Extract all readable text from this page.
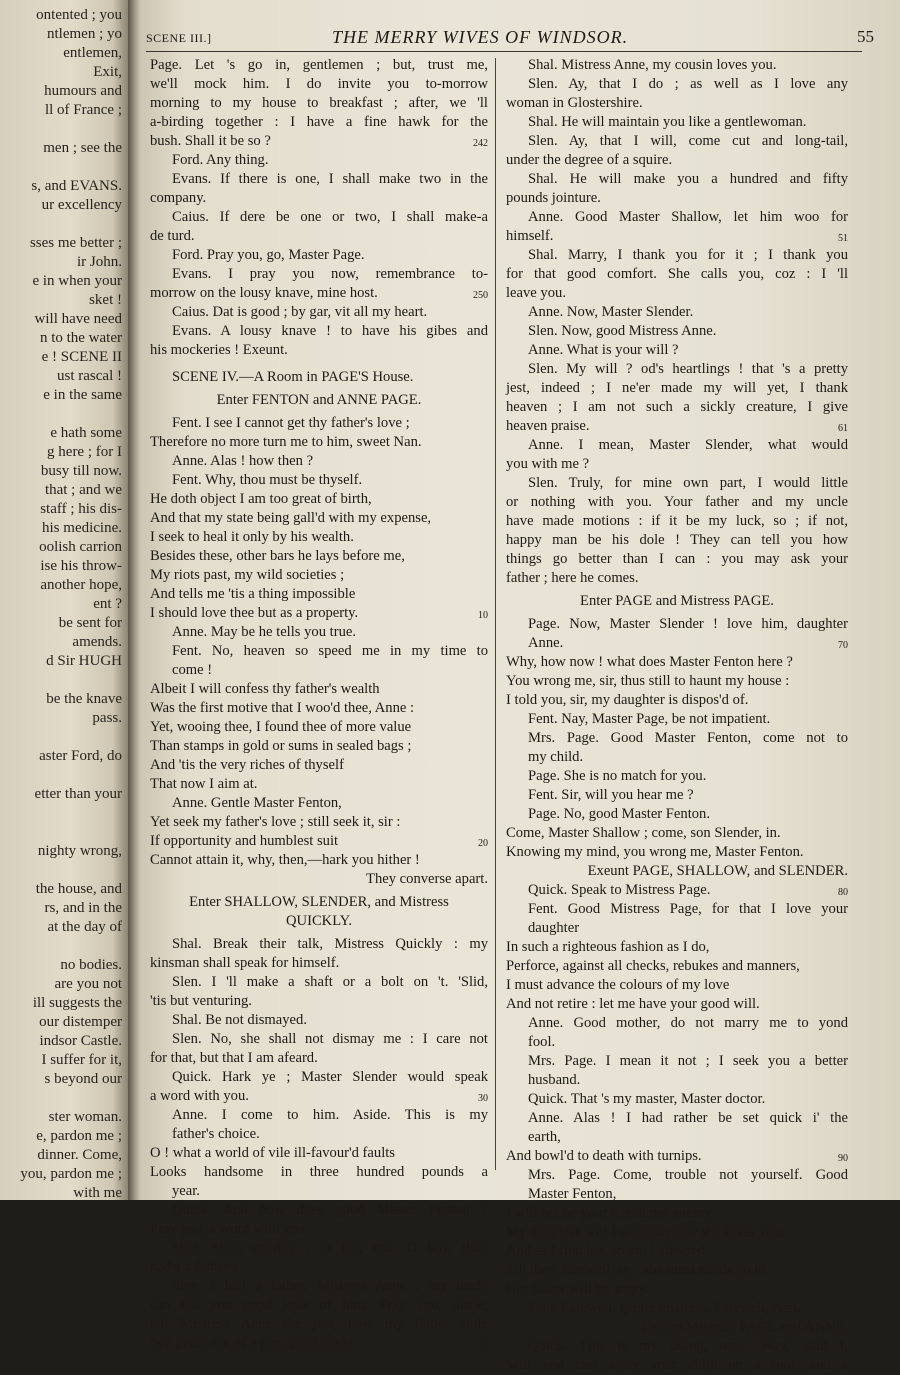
ontented ; you
ntlemen ; yo
entlemen,
Exit,
humours and
ll of France ;
men ; see the
s, and EVANS.
ur excellency
sses me better ;
ir John.
e in when your
sket !
will have need
n to the water
e ! SCENE II
ust rascal !
e in the same
e hath some
g here ; for I
busy till now.
that ; and we
staff ; his dis-
his medicine.
oolish carrion
ise his throw-
another hope,
ent ?
be sent for
amends.
d Sir HUGH
be the knave
pass.
aster Ford, do
etter than your
nighty wrong,
the house, and
rs, and in the
at the day of
no bodies.
are you not
ill suggests the
our distemper
indsor Castle.
I suffer for it,
s beyond our
ster woman.
e, pardon me ;
dinner. Come,
you, pardon me ;
with me
SCENE III.]	THE MERRY WIVES OF WINDSOR.	55
Page. Let 's go in, gentlemen ; but, trust me,
we'll mock him. I do invite you to-morrow
morning to my house to breakfast ; after, we 'll
a-birding together : I have a fine hawk for the
bush. Shall it be so ?	242
Ford. Any thing.
Evans. If there is one, I shall make two in the
company.
Caius. If dere be one or two, I shall make-a
de turd.
Ford. Pray you, go, Master Page.
Evans. I pray you now, remembrance to-
morrow on the lousy knave, mine host.	250
Caius. Dat is good ; by gar, vit all my heart.
Evans. A lousy knave ! to have his gibes and
his mockeries ! Exeunt.
SCENE IV.—A Room in PAGE'S House.
Enter FENTON and ANNE PAGE.
Fent. I see I cannot get thy father's love ;
Therefore no more turn me to him, sweet Nan.
Anne. Alas ! how then ?
Fent. Why, thou must be thyself.
He doth object I am too great of birth,
And that my state being gall'd with my expense,
I seek to heal it only by his wealth.
Besides these, other bars he lays before me,
My riots past, my wild societies ;
And tells me 'tis a thing impossible
I should love thee but as a property.	10
Anne. May be he tells you true.
Fent. No, heaven so speed me in my time to
come !
Albeit I will confess thy father's wealth
Was the first motive that I woo'd thee, Anne :
Yet, wooing thee, I found thee of more value
Than stamps in gold or sums in sealed bags ;
And 'tis the very riches of thyself
That now I aim at.
Anne. Gentle Master Fenton,
Yet seek my father's love ; still seek it, sir :
If opportunity and humblest suit	20
Cannot attain it, why, then,—hark you hither !
They converse apart.
Enter SHALLOW, SLENDER, and Mistress
QUICKLY.
Shal. Break their talk, Mistress Quickly : my
kinsman shall speak for himself.
Slen. I 'll make a shaft or a bolt on 't. 'Slid,
'tis but venturing.
Shal. Be not dismayed.
Slen. No, she shall not dismay me : I care not
for that, but that I am afeard.
Quick. Hark ye ; Master Slender would speak
a word with you.	30
Anne. I come to him. Aside. This is my
father's choice.
O ! what a world of vile ill-favour'd faults
Looks handsome in three hundred pounds a
year.
Quick. And how does good Master Fenton ?
Pray you, a word with you.
Shal. She's coming ; to her, coz. O boy, thou
hadst a father !
Slen. I had a father, Mistress Anne ; my uncle
can tell you good jests of him. Pray you, uncle,
tell Mistress Anne the jest, how my father stole
two geese out of a pen, good uncle.	41
Shal. Mistress Anne, my cousin loves you.
Slen. Ay, that I do ; as well as I love any
woman in Glostershire.
Shal. He will maintain you like a gentlewoman.
Slen. Ay, that I will, come cut and long-tail,
under the degree of a squire.
Shal. He will make you a hundred and fifty
pounds jointure.
Anne. Good Master Shallow, let him woo for
himself.	51
Shal. Marry, I thank you for it ; I thank you
for that good comfort. She calls you, coz : I 'll
leave you.
Anne. Now, Master Slender.
Slen. Now, good Mistress Anne.
Anne. What is your will ?
Slen. My will ? od's heartlings ! that 's a pretty
jest, indeed ; I ne'er made my will yet, I thank
heaven ; I am not such a sickly creature, I give
heaven praise.	61
Anne. I mean, Master Slender, what would
you with me ?
Slen. Truly, for mine own part, I would little
or nothing with you. Your father and my uncle
have made motions : if it be my luck, so ; if not,
happy man be his dole ! They can tell you how
things go better than I can : you may ask your
father ; here he comes.
Enter PAGE and Mistress PAGE.
Page. Now, Master Slender ! love him, daughter
Anne.	70
Why, how now ! what does Master Fenton here ?
You wrong me, sir, thus still to haunt my house :
I told you, sir, my daughter is dispos'd of.
Fent. Nay, Master Page, be not impatient.
Mrs. Page. Good Master Fenton, come not to
my child.
Page. She is no match for you.
Fent. Sir, will you hear me ?
Page. No, good Master Fenton.
Come, Master Shallow ; come, son Slender, in.
Knowing my mind, you wrong me, Master Fenton.
Exeunt PAGE, SHALLOW, and SLENDER.
Quick. Speak to Mistress Page.	80
Fent. Good Mistress Page, for that I love your
daughter
In such a righteous fashion as I do,
Perforce, against all checks, rebukes and manners,
I must advance the colours of my love
And not retire : let me have your good will.
Anne. Good mother, do not marry me to yond
fool.
Mrs. Page. I mean it not ; I seek you a better
husband.
Quick. That 's my master, Master doctor.
Anne. Alas ! I had rather be set quick i' the
earth,
And bowl'd to death with turnips.	90
Mrs. Page. Come, trouble not yourself. Good
Master Fenton,
I will not be your friend nor enemy :
My daughter will I question how she loves you,
And as I find her, so am I affected.
Till then, farewell, sir : she must needs go in ;
Her father will be angry.
Fent. Farewell, gentle mistress. Farewell, Nan.
Exeunt Mistress PAGE and ANNE.
Quick. This is my doing, now. 'Nay,' said I,
'will you cast away your child on a fool, and a
